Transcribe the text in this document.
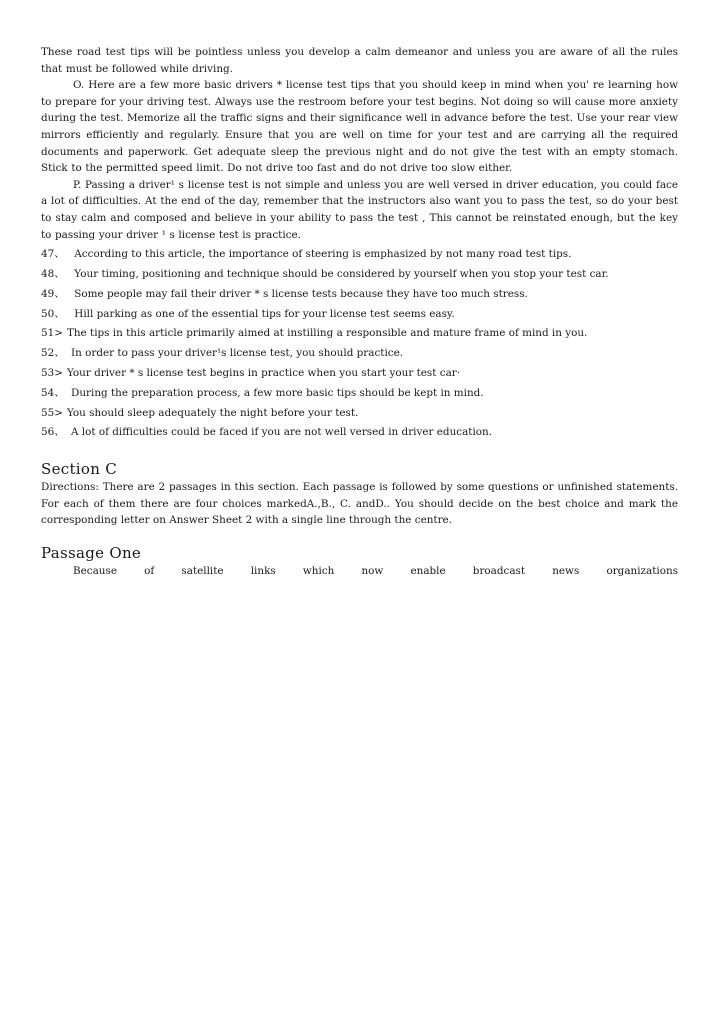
These road test tips will be pointless unless you develop a calm demeanor and unless you are aware of all the rules that must be followed while driving.

O. Here are a few more basic drivers * license test tips that you should keep in mind when you' re learning how to prepare for your driving test. Always use the restroom before your test begins. Not doing so will cause more anxiety during the test. Memorize all the traffic signs and their significance well in advance before the test. Use your rear view mirrors efficiently and regularly. Ensure that you are well on time for your test and are carrying all the required documents and paperwork. Get adequate sleep the previous night and do not give the test with an empty stomach. Stick to the permitted speed limit. Do not drive too fast and do not drive too slow either.

P. Passing a driver¹ s license test is not simple and unless you are well versed in driver education, you could face a lot of difficulties. At the end of the day, remember that the instructors also want you to pass the test, so do your best to stay calm and composed and believe in your ability to pass the test , This cannot be reinstated enough, but the key to passing your driver ¹ s license test is practice.

47、 According to this article, the importance of steering is emphasized by not many road test tips.

48、 Your timing, positioning and technique should be considered by yourself when you stop your test car.

49、 Some people may fail their driver * s license tests because they have too much stress.

50、 Hill parking as one of the essential tips for your license test seems easy.

51> The tips in this article primarily aimed at instilling a responsible and mature frame of mind in you.

52、 In order to pass your driver¹s license test, you should practice.

53> Your driver * s license test begins in practice when you start your test car·

54、 During the preparation process, a few more basic tips should be kept in mind.

55> You should sleep adequately the night before your test.

56、 A lot of difficulties could be faced if you are not well versed in driver education.

Section C

Directions: There are 2 passages in this section. Each passage is followed by some questions or unfinished statements. For each of them there are four choices markedA.,B., C. andD.. You should decide on the best choice and mark the corresponding letter on Answer Sheet 2 with a single line through the centre.

Passage One

Because of satellite links which now enable broadcast news organizations
